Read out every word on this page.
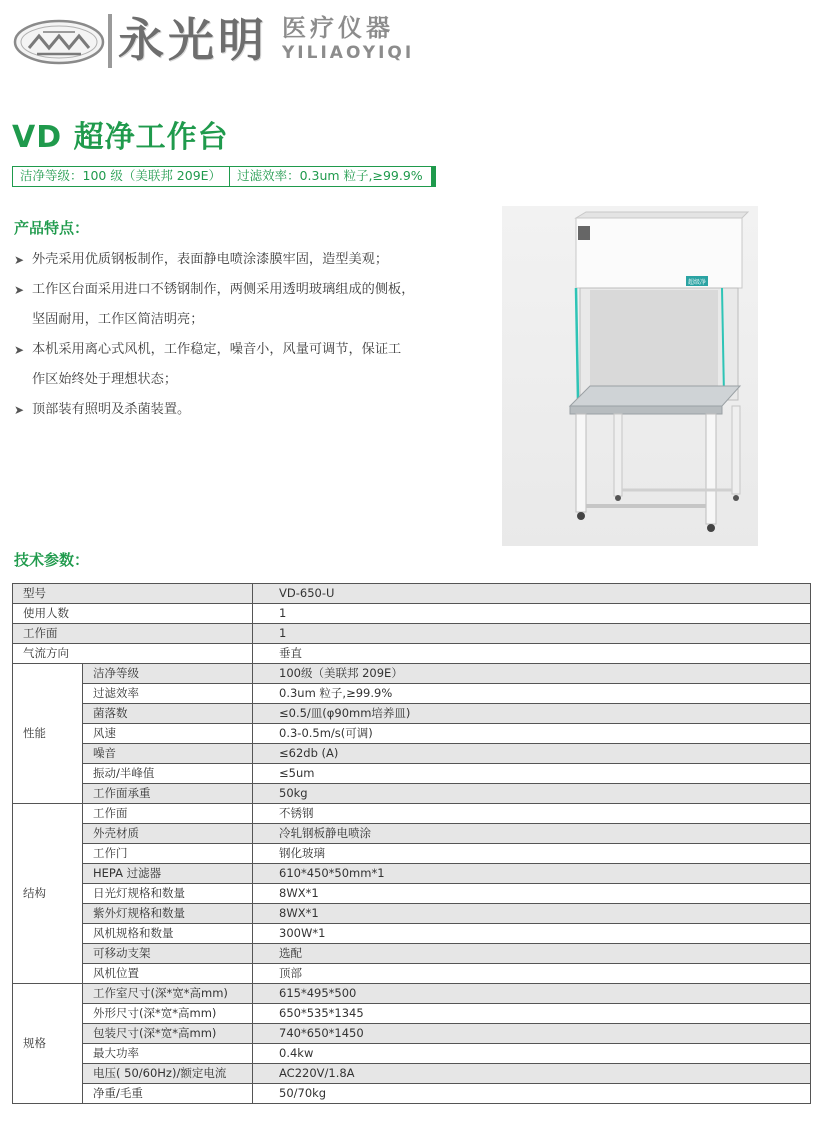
永光明 医疗仪器
YILIAOYIQI
VD 超净工作台
洁净等级：100 级（美联邦 209E）	过滤效率：0.3um 粒子,≥99.9%
产品特点：
➤ 外壳采用优质钢板制作，表面静电喷涂漆膜牢固，造型美观；
➤ 工作区台面采用进口不锈钢制作，两侧采用透明玻璃组成的侧板，
坚固耐用，工作区简洁明亮；
➤ 本机采用离心式风机，工作稳定，噪音小，风量可调节，保证工
作区始终处于理想状态；
➤ 顶部装有照明及杀菌装置。
超级净
技术参数：
型号		VD-650-U
使用人数		1
工作面		1
气流方向		垂直
性能	洁净等级	100级（美联邦 209E）
	过滤效率	0.3um 粒子,≥99.9%
	菌落数	≤0.5/皿(φ90mm培养皿)
	风速	0.3-0.5m/s(可调)
	噪音	≤62db (A)
	振动/半峰值	≤5um
	工作面承重	50kg
结构	工作面	不锈钢
	外壳材质	冷轧钢板静电喷涂
	工作门	钢化玻璃
	HEPA 过滤器	610*450*50mm*1
	日光灯规格和数量	8WX*1
	紫外灯规格和数量	8WX*1
	风机规格和数量	300W*1
	可移动支架	选配
	风机位置	顶部
规格	工作室尺寸(深*宽*高mm)	615*495*500
	外形尺寸(深*宽*高mm)	650*535*1345
	包装尺寸(深*宽*高mm)	740*650*1450
	最大功率	0.4kw
	电压( 50/60Hz)/额定电流	AC220V/1.8A
	净重/毛重	50/70kg
